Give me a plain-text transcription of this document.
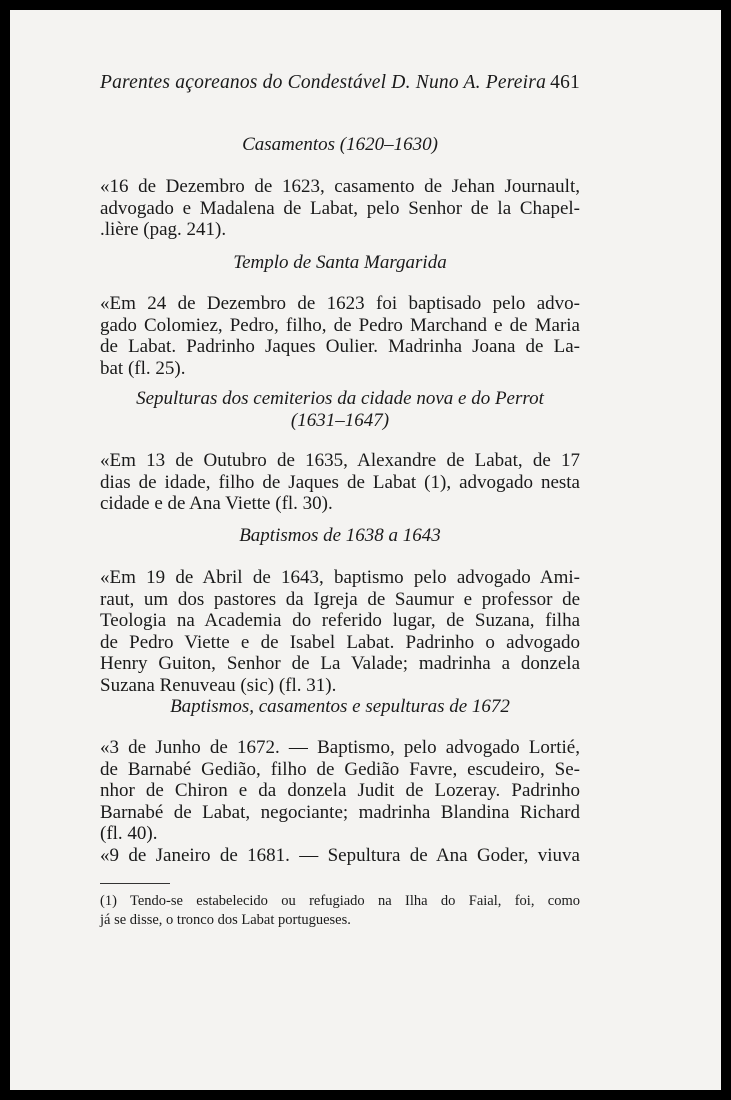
Parentes açoreanos do Condestável D. Nuno A. Pereira 461
Casamentos (1620–1630)
«16 de Dezembro de 1623, casamento de Jehan Journault,
advogado e Madalena de Labat, pelo Senhor de la Chapel-
.lière (pag. 241).
Templo de Santa Margarida
«Em 24 de Dezembro de 1623 foi baptisado pelo advo-
gado Colomiez, Pedro, filho, de Pedro Marchand e de Maria
de Labat. Padrinho Jaques Oulier. Madrinha Joana de La-
bat (fl. 25).
Sepulturas dos cemiterios da cidade nova e do Perrot
(1631–1647)
«Em 13 de Outubro de 1635, Alexandre de Labat, de 17
dias de idade, filho de Jaques de Labat (1), advogado nesta
cidade e de Ana Viette (fl. 30).
Baptismos de 1638 a 1643
«Em 19 de Abril de 1643, baptismo pelo advogado Ami-
raut, um dos pastores da Igreja de Saumur e professor de
Teologia na Academia do referido lugar, de Suzana, filha
de Pedro Viette e de Isabel Labat. Padrinho o advogado
Henry Guiton, Senhor de La Valade; madrinha a donzela
Suzana Renuveau (sic) (fl. 31).
Baptismos, casamentos e sepulturas de 1672
«3 de Junho de 1672. — Baptismo, pelo advogado Lortié,
de Barnabé Gedião, filho de Gedião Favre, escudeiro, Se-
nhor de Chiron e da donzela Judit de Lozeray. Padrinho
Barnabé de Labat, negociante; madrinha Blandina Richard
(fl. 40).
«9 de Janeiro de 1681. — Sepultura de Ana Goder, viuva
(1) Tendo-se estabelecido ou refugiado na Ilha do Faial, foi, como
já se disse, o tronco dos Labat portugueses.
